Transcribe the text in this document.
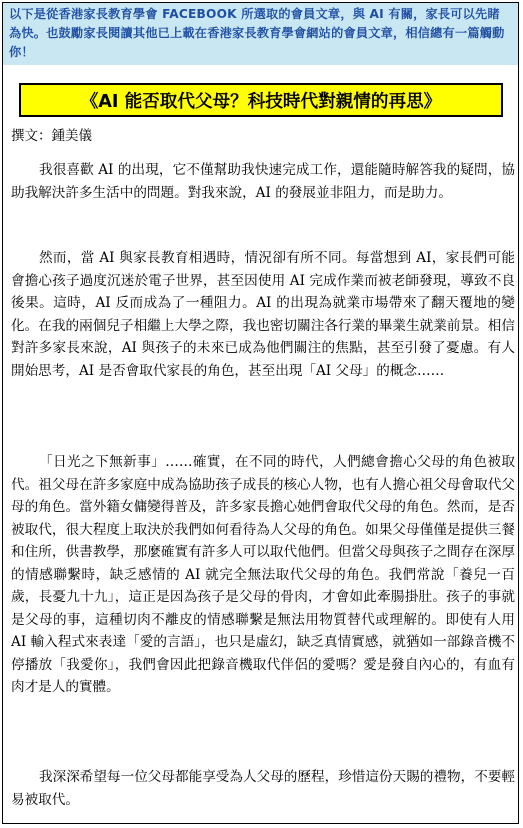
以下是從香港家長教育學會 FACEBOOK 所選取的會員文章，與 AI 有關，家長可以先睹為快。也鼓勵家長閱讀其他已上載在香港家長教育學會網站的會員文章，相信總有一篇觸動你！
《AI 能否取代父母？科技時代對親情的再思》
撰文：鍾美儀

我很喜歡 AI 的出現，它不僅幫助我快速完成工作，還能隨時解答我的疑問，協助我解決許多生活中的問題。對我來說，AI 的發展並非阻力，而是助力。

然而，當 AI 與家長教育相遇時，情況卻有所不同。每當想到 AI，家長們可能會擔心孩子過度沉迷於電子世界，甚至因使用 AI 完成作業而被老師發現，導致不良後果。這時，AI 反而成為了一種阻力。AI 的出現為就業市場帶來了翻天覆地的變化。在我的兩個兒子相繼上大學之際，我也密切關注各行業的畢業生就業前景。相信對許多家長來說，AI 與孩子的未來已成為他們關注的焦點，甚至引發了憂慮。有人開始思考，AI 是否會取代家長的角色，甚至出現「AI 父母」的概念……

「日光之下無新事」……確實，在不同的時代，人們總會擔心父母的角色被取代。祖父母在許多家庭中成為協助孩子成長的核心人物，也有人擔心祖父母會取代父母的角色。當外籍女傭變得普及，許多家長擔心她們會取代父母的角色。然而，是否被取代，很大程度上取決於我們如何看待為人父母的角色。如果父母僅僅是提供三餐和住所，供書教學，那麼確實有許多人可以取代他們。但當父母與孩子之間存在深厚的情感聯繫時，缺乏感情的 AI 就完全無法取代父母的角色。我們常說「養兒一百歲，長憂九十九」，這正是因為孩子是父母的骨肉，才會如此牽腸掛肚。孩子的事就是父母的事，這種切肉不離皮的情感聯繫是無法用物質替代或理解的。即使有人用 AI 輸入程式來表達「愛的言語」，也只是虛幻，缺乏真情實感，就猶如一部錄音機不停播放「我愛你」，我們會因此把錄音機取代伴侶的愛嗎？愛是發自內心的，有血有肉才是人的實體。

我深深希望每一位父母都能享受為人父母的歷程，珍惜這份天賜的禮物，不要輕易被取代。
